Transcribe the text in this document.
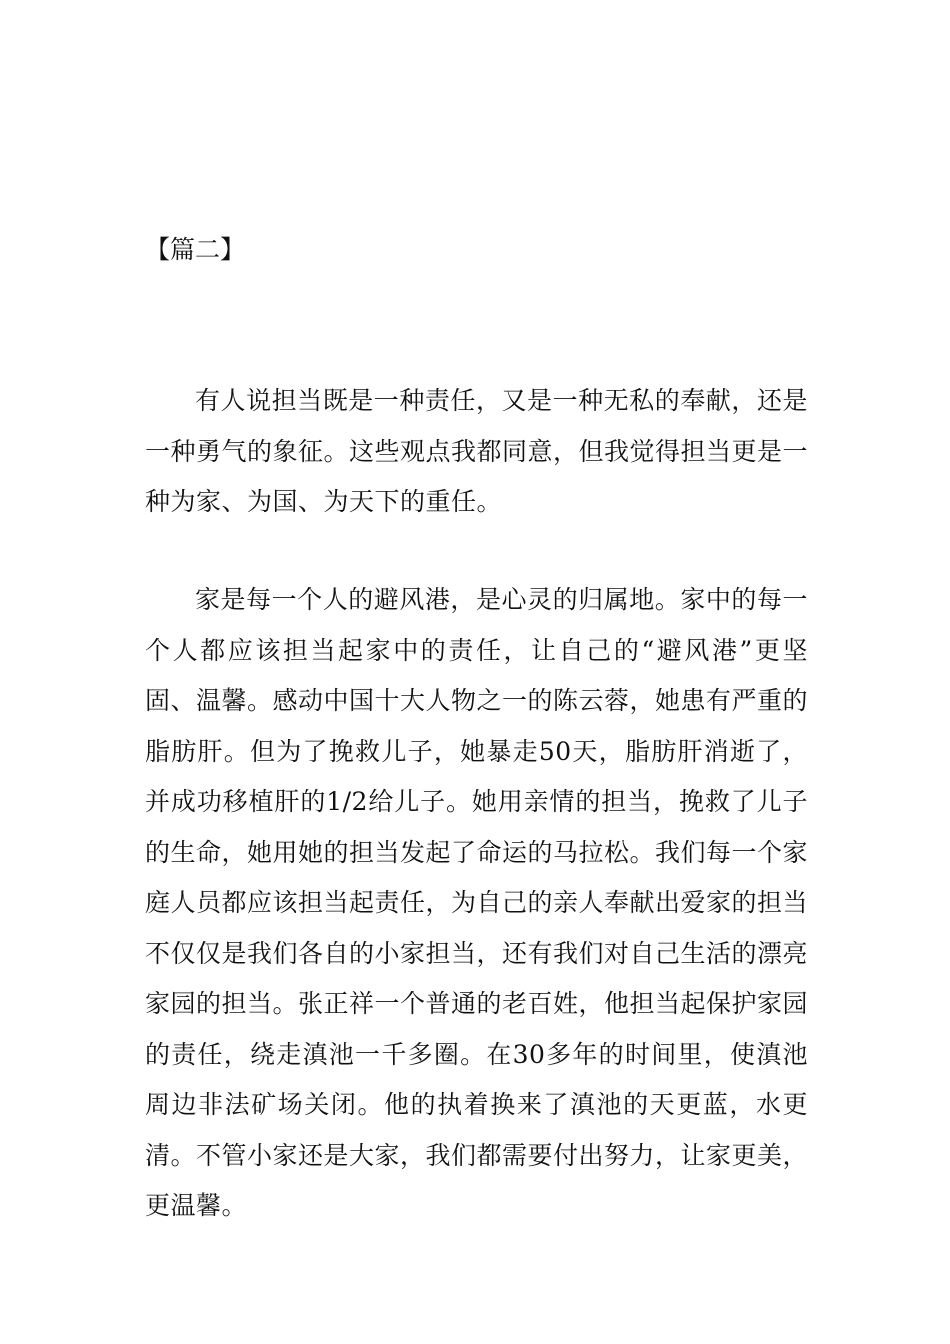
【篇二】

有人说担当既是一种责任，又是一种无私的奉献，还是一种勇气的象征。这些观点我都同意，但我觉得担当更是一种为家、为国、为天下的重任。

家是每一个人的避风港，是心灵的归属地。家中的每一个人都应该担当起家中的责任，让自己的“避风港”更坚固、温馨。感动中国十大人物之一的陈云蓉，她患有严重的脂肪肝。但为了挽救儿子，她暴走50天，脂肪肝消逝了，并成功移植肝的1/2给儿子。她用亲情的担当，挽救了儿子的生命，她用她的担当发起了命运的马拉松。我们每一个家庭人员都应该担当起责任，为自己的亲人奉献出爱家的担当不仅仅是我们各自的小家担当，还有我们对自己生活的漂亮家园的担当。张正祥一个普通的老百姓，他担当起保护家园的责任，绕走滇池一千多圈。在30多年的时间里，使滇池周边非法矿场关闭。他的执着换来了滇池的天更蓝，水更清。不管小家还是大家，我们都需要付出努力，让家更美，更温馨。
